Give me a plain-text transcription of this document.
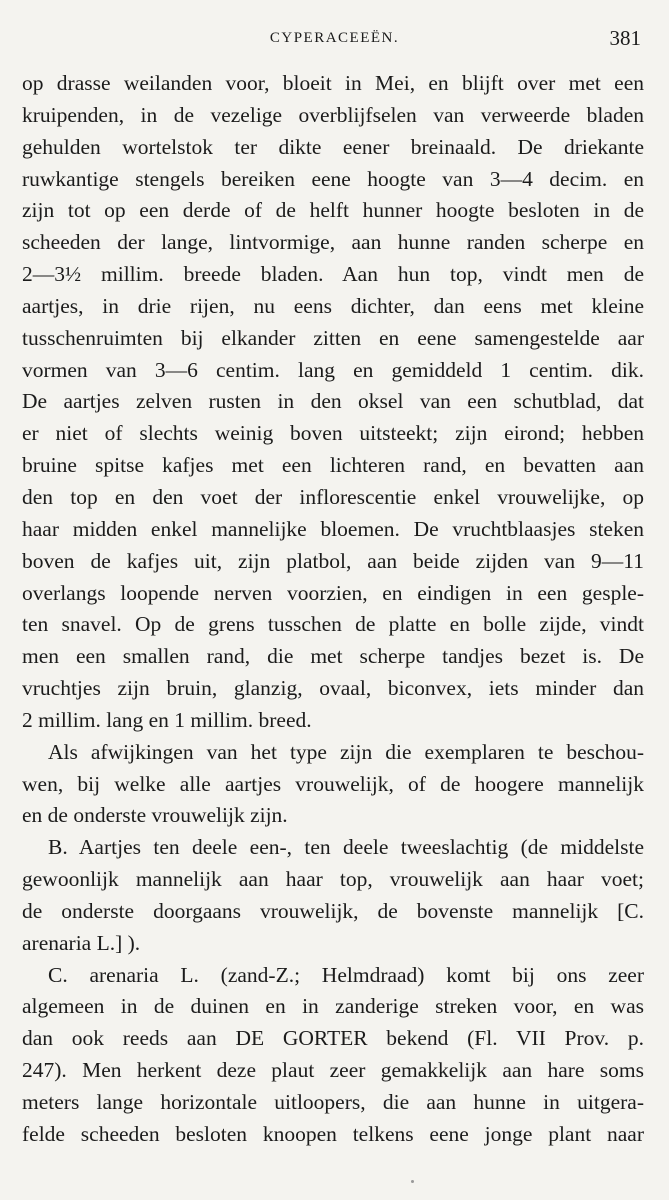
CYPERACEEËN.	381
op drasse weilanden voor, bloeit in Mei, en blijft over met een
kruipenden, in de vezelige overblijfselen van verweerde bladen
gehulden wortelstok ter dikte eener breinaald. De driekante
ruwkantige stengels bereiken eene hoogte van 3—4 decim. en
zijn tot op een derde of de helft hunner hoogte besloten in de
scheeden der lange, lintvormige, aan hunne randen scherpe en
2—3½ millim. breede bladen. Aan hun top, vindt men de
aartjes, in drie rijen, nu eens dichter, dan eens met kleine
tusschenruimten bij elkander zitten en eene samengestelde aar
vormen van 3—6 centim. lang en gemiddeld 1 centim. dik.
De aartjes zelven rusten in den oksel van een schutblad, dat
er niet of slechts weinig boven uitsteekt; zijn eirond; hebben
bruine spitse kafjes met een lichteren rand, en bevatten aan
den top en den voet der inflorescentie enkel vrouwelijke, op
haar midden enkel mannelijke bloemen. De vruchtblaasjes steken
boven de kafjes uit, zijn platbol, aan beide zijden van 9—11
overlangs loopende nerven voorzien, en eindigen in een gesple-
ten snavel. Op de grens tusschen de platte en bolle zijde, vindt
men een smallen rand, die met scherpe tandjes bezet is. De
vruchtjes zijn bruin, glanzig, ovaal, biconvex, iets minder dan
2 millim. lang en 1 millim. breed.
Als afwijkingen van het type zijn die exemplaren te beschou-
wen, bij welke alle aartjes vrouwelijk, of de hoogere mannelijk
en de onderste vrouwelijk zijn.
B. Aartjes ten deele een-, ten deele tweeslachtig (de middelste
gewoonlijk mannelijk aan haar top, vrouwelijk aan haar voet;
de onderste doorgaans vrouwelijk, de bovenste mannelijk [C.
arenaria L.] ).
C. arenaria L. (zand-Z.; Helmdraad) komt bij ons zeer
algemeen in de duinen en in zanderige streken voor, en was
dan ook reeds aan DE GORTER bekend (Fl. VII Prov. p.
247). Men herkent deze plaut zeer gemakkelijk aan hare soms
meters lange horizontale uitloopers, die aan hunne in uitgera-
felde scheeden besloten knoopen telkens eene jonge plant naar
